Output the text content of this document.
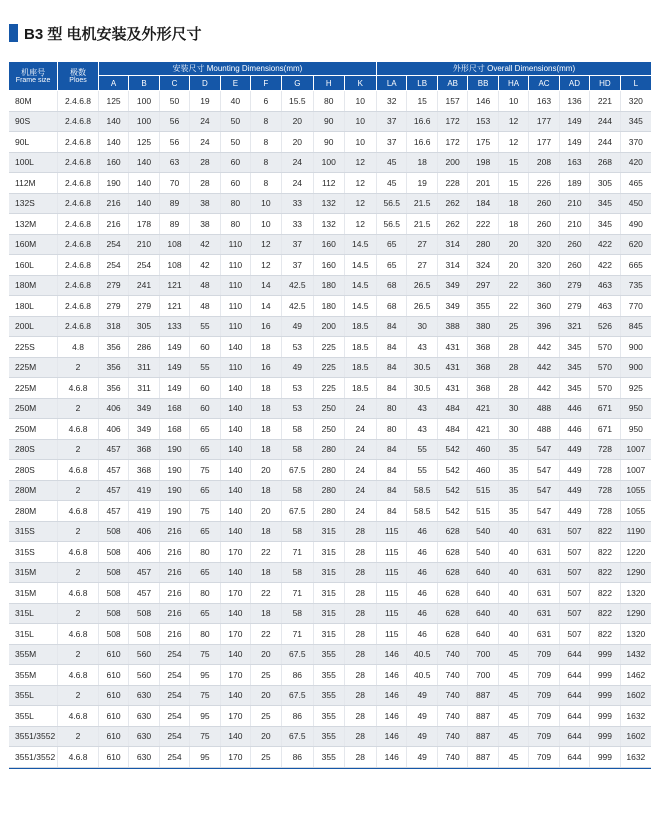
B3 型 电机安装及外形尺寸
机座号
Frame size	极数
Ploes	安装尺寸 Mounting Dimensions(mm)									外形尺寸 Overall Dimensions(mm)								
		A	B	C	D	E	F	G	H	K	LA	LB	AB	BB	HA	AC	AD	HD	L
80M	2.4.6.8	125	100	50	19	40	6	15.5	80	10	32	15	157	146	10	163	136	221	320
90S	2.4.6.8	140	100	56	24	50	8	20	90	10	37	16.6	172	153	12	177	149	244	345
90L	2.4.6.8	140	125	56	24	50	8	20	90	10	37	16.6	172	175	12	177	149	244	370
100L	2.4.6.8	160	140	63	28	60	8	24	100	12	45	18	200	198	15	208	163	268	420
112M	2.4.6.8	190	140	70	28	60	8	24	112	12	45	19	228	201	15	226	189	305	465
132S	2.4.6.8	216	140	89	38	80	10	33	132	12	56.5	21.5	262	184	18	260	210	345	450
132M	2.4.6.8	216	178	89	38	80	10	33	132	12	56.5	21.5	262	222	18	260	210	345	490
160M	2.4.6.8	254	210	108	42	110	12	37	160	14.5	65	27	314	280	20	320	260	422	620
160L	2.4.6.8	254	254	108	42	110	12	37	160	14.5	65	27	314	324	20	320	260	422	665
180M	2.4.6.8	279	241	121	48	110	14	42.5	180	14.5	68	26.5	349	297	22	360	279	463	735
180L	2.4.6.8	279	279	121	48	110	14	42.5	180	14.5	68	26.5	349	355	22	360	279	463	770
200L	2.4.6.8	318	305	133	55	110	16	49	200	18.5	84	30	388	380	25	396	321	526	845
225S	4.8	356	286	149	60	140	18	53	225	18.5	84	43	431	368	28	442	345	570	900
225M	2	356	311	149	55	110	16	49	225	18.5	84	30.5	431	368	28	442	345	570	900
225M	4.6.8	356	311	149	60	140	18	53	225	18.5	84	30.5	431	368	28	442	345	570	925
250M	2	406	349	168	60	140	18	53	250	24	80	43	484	421	30	488	446	671	950
250M	4.6.8	406	349	168	65	140	18	58	250	24	80	43	484	421	30	488	446	671	950
280S	2	457	368	190	65	140	18	58	280	24	84	55	542	460	35	547	449	728	1007
280S	4.6.8	457	368	190	75	140	20	67.5	280	24	84	55	542	460	35	547	449	728	1007
280M	2	457	419	190	65	140	18	58	280	24	84	58.5	542	515	35	547	449	728	1055
280M	4.6.8	457	419	190	75	140	20	67.5	280	24	84	58.5	542	515	35	547	449	728	1055
315S	2	508	406	216	65	140	18	58	315	28	115	46	628	540	40	631	507	822	1190
315S	4.6.8	508	406	216	80	170	22	71	315	28	115	46	628	540	40	631	507	822	1220
315M	2	508	457	216	65	140	18	58	315	28	115	46	628	640	40	631	507	822	1290
315M	4.6.8	508	457	216	80	170	22	71	315	28	115	46	628	640	40	631	507	822	1320
315L	2	508	508	216	65	140	18	58	315	28	115	46	628	640	40	631	507	822	1290
315L	4.6.8	508	508	216	80	170	22	71	315	28	115	46	628	640	40	631	507	822	1320
355M	2	610	560	254	75	140	20	67.5	355	28	146	40.5	740	700	45	709	644	999	1432
355M	4.6.8	610	560	254	95	170	25	86	355	28	146	40.5	740	700	45	709	644	999	1462
355L	2	610	630	254	75	140	20	67.5	355	28	146	49	740	887	45	709	644	999	1602
355L	4.6.8	610	630	254	95	170	25	86	355	28	146	49	740	887	45	709	644	999	1632
3551/3552	2	610	630	254	75	140	20	67.5	355	28	146	49	740	887	45	709	644	999	1602
3551/3552	4.6.8	610	630	254	95	170	25	86	355	28	146	49	740	887	45	709	644	999	1632
